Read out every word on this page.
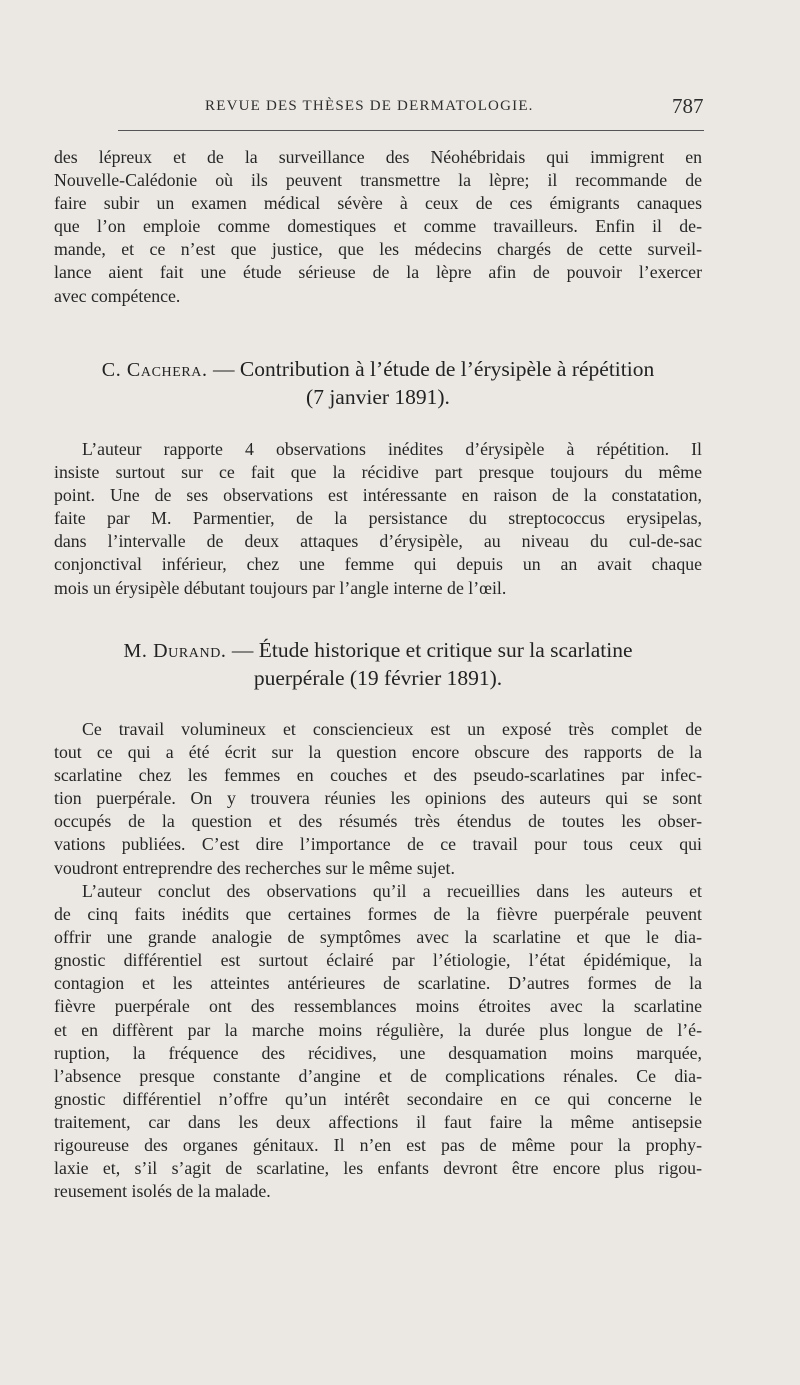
REVUE DES THÈSES DE DERMATOLOGIE.	787
des lépreux et de la surveillance des Néohébridais qui immigrent en
Nouvelle-Calédonie où ils peuvent transmettre la lèpre; il recommande de
faire subir un examen médical sévère à ceux de ces émigrants canaques
que l’on emploie comme domestiques et comme travailleurs. Enfin il de-
mande, et ce n’est que justice, que les médecins chargés de cette surveil-
lance aient fait une étude sérieuse de la lèpre afin de pouvoir l’exercer
avec compétence.
C. Cachera. — Contribution à l’étude de l’érysipèle à répétition
(7 janvier 1891).
L’auteur rapporte 4 observations inédites d’érysipèle à répétition. Il
insiste surtout sur ce fait que la récidive part presque toujours du même
point. Une de ses observations est intéressante en raison de la constatation,
faite par M. Parmentier, de la persistance du streptococcus erysipelas,
dans l’intervalle de deux attaques d’érysipèle, au niveau du cul-de-sac
conjonctival inférieur, chez une femme qui depuis un an avait chaque
mois un érysipèle débutant toujours par l’angle interne de l’œil.
M. Durand. — Étude historique et critique sur la scarlatine
puerpérale (19 février 1891).
Ce travail volumineux et consciencieux est un exposé très complet de
tout ce qui a été écrit sur la question encore obscure des rapports de la
scarlatine chez les femmes en couches et des pseudo-scarlatines par infec-
tion puerpérale. On y trouvera réunies les opinions des auteurs qui se sont
occupés de la question et des résumés très étendus de toutes les obser-
vations publiées. C’est dire l’importance de ce travail pour tous ceux qui
voudront entreprendre des recherches sur le même sujet.
L’auteur conclut des observations qu’il a recueillies dans les auteurs et
de cinq faits inédits que certaines formes de la fièvre puerpérale peuvent
offrir une grande analogie de symptômes avec la scarlatine et que le dia-
gnostic différentiel est surtout éclairé par l’étiologie, l’état épidémique, la
contagion et les atteintes antérieures de scarlatine. D’autres formes de la
fièvre puerpérale ont des ressemblances moins étroites avec la scarlatine
et en diffèrent par la marche moins régulière, la durée plus longue de l’é-
ruption, la fréquence des récidives, une desquamation moins marquée,
l’absence presque constante d’angine et de complications rénales. Ce dia-
gnostic différentiel n’offre qu’un intérêt secondaire en ce qui concerne le
traitement, car dans les deux affections il faut faire la même antisepsie
rigoureuse des organes génitaux. Il n’en est pas de même pour la prophy-
laxie et, s’il s’agit de scarlatine, les enfants devront être encore plus rigou-
reusement isolés de la malade.
